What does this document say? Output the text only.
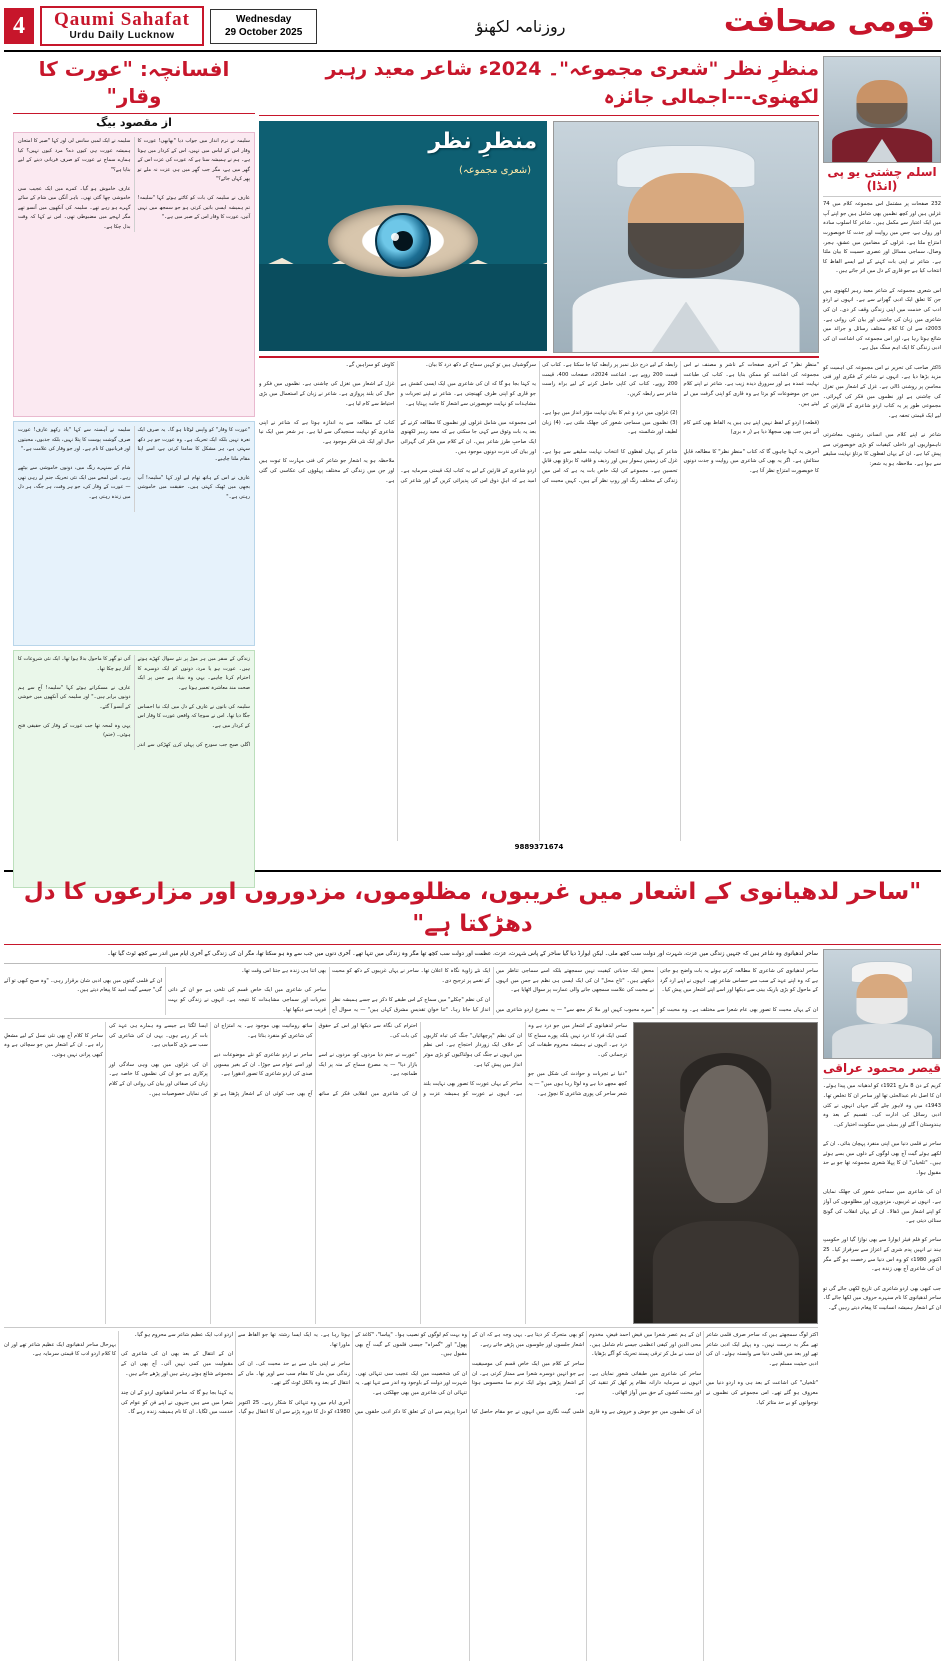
4	Qaumi Sahafat
Urdu Daily Lucknow
Wednesday
29 October 2025	روزنامہ لکھنؤ	قومی صحافت
اسلم چشتی یو پی (انڈا)
232 صفحات پر مشتمل اس مجموعہ کلام میں 74 غزلیں ہیں اور کچھ نظمیں بھی شامل ہیں جو اپنے آپ میں ایک اعتبار سے مکمل ہیں۔ شاعر کا اسلوب سادہ اور رواں ہے، جس میں روایت اور جدت کا خوبصورت امتزاج ملتا ہے۔ غزلوں کے مضامین میں عشق، ہجر، وصال، سماجی مسائل اور عصری حسیت کا بیان ملتا ہے۔ شاعر نے اپنی بات کہنے کے لیے ایسے الفاظ کا انتخاب کیا ہے جو قاری کے دل میں اتر جاتے ہیں۔

اس شعری مجموعہ کے شاعر معید رہبر لکھنوی ہیں جن کا تعلق ایک ادبی گھرانے سے ہے۔ انہوں نے اردو ادب کی خدمت میں اپنی زندگی وقف کر دی۔ ان کی شاعری میں زبان کی چاشنی اور بیان کی روانی ہے۔ 2003ء سے ان کا کلام مختلف رسائل و جرائد میں شائع ہوتا رہا ہے، اور اس مجموعہ کی اشاعت ان کی ادبی زندگی کا ایک اہم سنگ میل ہے۔

ڈاکٹر صاحب کی تحریر نے اس مجموعہ کی اہمیت کو مزید بڑھا دیا ہے۔ انہوں نے شاعر کے فکری اور فنی محاسن پر روشنی ڈالی ہے۔ غزل کے اشعار میں تغزل کی چاشنی ہے اور نظموں میں فکر کی گہرائی۔ مجموعی طور پر یہ کتاب اردو شاعری کے قارئین کے لیے ایک قیمتی تحفہ ہے۔

شاعر نے اپنے کلام میں انسانی رشتوں، معاشرتی ناہمواریوں اور داخلی کیفیات کو بڑی خوبصورتی سے پیش کیا ہے۔ ان کے یہاں لفظوں کا برتاؤ نہایت سلیقے سے ہوا ہے۔ ملاحظہ ہو یہ شعر:
منظرِ نظر "شعری مجموعہ"۔ 2024ء شاعر معید رہبر لکھنوی---اجمالی جائزہ
منظرِ نظر
(شعری مجموعہ)
"منظرِ نظر" کے آخری صفحات کے ناشر و مصنف نے اس مجموعہ کی اشاعت کو ممکن بنایا ہے۔ کتاب کی طباعت نہایت عمدہ ہے اور سرورق دیدہ زیب ہے۔ شاعر نے اپنے کلام میں جن موضوعات کو برتا ہے وہ قاری کو اپنی گرفت میں لے لیتے ہیں۔

(قطعہ) اردو کے لفظ نہیں اپنے ہی ہیں یہ الفاظ بھی کتنے کام آتے ہیں جب بھی سجھلا دیا ہے (ر ہ بری)

آخرش یہ کہنا چاہوں گا کہ کتاب "منظرِ نظر" کا مطالعہ قابلِ ستائش ہے۔ اگر یہ بھی کی شاعری میں روایت و جدت دونوں کا خوبصورت امتزاج نظر آتا ہے۔

رابطہ کے لیے درج ذیل نمبر پر رابطہ کیا جا سکتا ہے۔ کتاب کی قیمت 200 روپے ہے۔ اشاعت 2024ء، صفحات 400، قیمت 200 روپے۔ کتاب کی کاپی حاصل کرنے کے لیے براہ راست شاعر سے رابطہ کریں۔

(2) غزلوں میں درد و غم کا بیان نہایت مؤثر انداز میں ہوا ہے۔ (3) نظموں میں سماجی شعور کی جھلک ملتی ہے۔ (4) زبان لطیف اور شائستہ ہے۔

شاعر کے یہاں لفظوں کا انتخاب نہایت سلیقے سے ہوا ہے۔ غزل کی زمینیں ہموار ہیں اور ردیف و قافیہ کا برتاؤ بھی قابلِ تحسین ہے۔ مجموعے کی ایک خاص بات یہ ہے کہ اس میں زندگی کے مختلف رنگ اور روپ نظر آتے ہیں۔ کہیں محبت کی سرگوشیاں ہیں تو کہیں سماج کے دکھ درد کا بیان۔

یہ کہنا بجا ہو گا کہ ان کی شاعری میں ایک ایسی کشش ہے جو قاری کو اپنی طرف کھینچتی ہے۔ شاعر نے اپنے تجربات و مشاہدات کو نہایت خوبصورتی سے اشعار کا جامہ پہنایا ہے۔

اس مجموعہ میں شامل غزلوں اور نظموں کا مطالعہ کرنے کے بعد یہ بات وثوق سے کہی جا سکتی ہے کہ معید رہبر لکھنوی ایک صاحبِ طرز شاعر ہیں۔ ان کے کلام میں فکر کی گہرائی اور بیان کی ندرت دونوں موجود ہیں۔

اردو شاعری کے قارئین کے لیے یہ کتاب ایک قیمتی سرمایہ ہے۔ امید ہے کہ اہلِ ذوق اس کی پذیرائی کریں گے اور شاعر کی کاوش کو سراہیں گے۔

غزل کے اشعار میں تغزل کی چاشنی ہے۔ نظموں میں فکر و خیال کی بلند پروازی ہے۔ شاعر نے زبان کے استعمال میں بڑی احتیاط سے کام لیا ہے۔

کتاب کے مطالعہ سے یہ اندازہ ہوتا ہے کہ شاعر نے اپنی شاعری کو نہایت سنجیدگی سے لیا ہے۔ ہر شعر میں ایک نیا خیال اور ایک نئی فکر موجود ہے۔

ملاحظہ ہو یہ اشعار جو شاعر کی فنی مہارت کا ثبوت ہیں اور جن میں زندگی کے مختلف پہلوؤں کی عکاسی کی گئی ہے۔
9889371674
افسانچہ: "عورت کا وقار"
از مقصود بیگ
سلیمہ نے نرم انداز میں جواب دیا "بھابھی! عورت کا وقار اس کے لباس میں نہیں، اس کے کردار میں ہوتا ہے۔ ہم نے ہمیشہ سنا ہے کہ عورت کی عزت اس کے گھر میں ہے، مگر جب گھر میں ہی عزت نہ ملے تو پھر کہاں جائے؟"

عارف نے سلیمہ کی بات کو کاٹتے ہوئے کہا "سلیمہ! تم ہمیشہ ایسی باتیں کرتی ہو جو سمجھ میں نہیں آتیں، عورت کا وقار اس کے صبر میں ہے۔"

سلیمہ نے ایک لمبی سانس لی اور کہا "صبر کا امتحان ہمیشہ عورت ہی کیوں دے؟ مرد کیوں نہیں؟ کیا ہمارے سماج نے عورت کو صرف قربانی دینے کے لیے بنایا ہے؟"

عارف خاموش ہو گیا۔ کمرے میں ایک عجیب سی خاموشی چھا گئی تھی۔ باہر آنگن میں شام کے سائے گہرے ہو رہے تھے۔ سلیمہ کی آنکھوں میں آنسو تھے مگر لہجے میں مضبوطی تھی۔ اس نے کہا کہ وقت بدل چکا ہے۔
"عورت کا وقار" کو واپس لوٹانا ہو گا۔ یہ صرف ایک نعرہ نہیں بلکہ ایک تحریک ہے۔ وہ عورت جو ہر دکھ سہتی ہے، ہر مشکل کا سامنا کرتی ہے، اسے اپنا مقام ملنا چاہیے۔

عارف نے اس کے ہاتھ تھام لیے اور کہا "سلیمہ! آپ بجھی میں ٹھیک کہتی ہیں۔ حقیقت میں خاموشی رہتی ہے۔"

سلیمہ نے آہستہ سے کہا "یاد رکھو عارف! عورت صرف گوشت پوست کا پتلا نہیں، بلکہ جذبوں، محبتوں اور قربانیوں کا نام ہے۔ اور جو وقار کی علامت ہے۔"

شام کے سنہرے رنگ میں، دونوں خاموشی سے بیٹھے رہے۔ اس لمحے میں ایک نئی تحریک جنم لے رہی تھی — عورت کے وقار کی، جو ہر وقت، ہر جگہ، ہر دل میں زندہ رہتی ہے۔
زندگی کے سفر میں ہر موڑ پر نئے سوال کھڑے ہوتے ہیں۔ عورت ہو یا مرد، دونوں کو ایک دوسرے کا احترام کرنا چاہیے۔ یہی وہ بنیاد ہے جس پر ایک صحت مند معاشرہ تعمیر ہوتا ہے۔

سلیمہ کی باتوں نے عارف کے دل میں ایک نیا احساس جگا دیا تھا۔ اس نے سوچا کہ واقعی عورت کا وقار اس کے کردار میں ہے۔

اگلی صبح جب سورج کی پہلی کرن کھڑکی سے اندر آئی تو گھر کا ماحول بدلا ہوا تھا۔ ایک نئی شروعات کا آغاز ہو چکا تھا۔

عارف نے مسکراتے ہوئے کہا "سلیمہ! آج سے ہم دونوں برابر ہیں۔" اور سلیمہ کی آنکھوں میں خوشی کے آنسو آ گئے۔

یہی وہ لمحہ تھا جب عورت کے وقار کی حقیقی فتح ہوئی۔ (ختم)
"ساحر لدھیانوی کے اشعار میں غریبوں، مظلوموں، مزدوروں اور مزارعوں کا دل دھڑکتا ہے"
قیصر محمود عراقی
کریم کے دن 8 مارچ 1921ء کو لدھیانہ میں پیدا ہوئے۔ ان کا اصل نام عبدالحئی تھا اور ساحر ان کا تخلص تھا۔ 1943ء میں وہ لاہور چلے گئے جہاں انہوں نے کئی ادبی رسائل کی ادارت کی۔ تقسیم کے بعد وہ ہندوستان آ گئے اور بمبئی میں سکونت اختیار کی۔

ساحر نے فلمی دنیا میں اپنی منفرد پہچان بنائی۔ ان کے لکھے ہوئے گیت آج بھی لوگوں کے دلوں میں بسے ہوئے ہیں۔ "تلخیاں" ان کا پہلا شعری مجموعہ تھا جو بے حد مقبول ہوا۔

ان کی شاعری میں سماجی شعور کی جھلک نمایاں ہے۔ انہوں نے غریبوں، مزدوروں اور مظلوموں کی آواز کو اپنے اشعار میں ڈھالا۔ ان کے یہاں انقلاب کی گونج سنائی دیتی ہے۔

ساحر کو فلم فیئر ایوارڈ سے بھی نوازا گیا اور حکومتِ ہند نے انہیں پدم شری کے اعزاز سے سرفراز کیا۔ 25 اکتوبر 1980ء کو وہ اس دنیا سے رخصت ہو گئے مگر ان کی شاعری آج بھی زندہ ہے۔

جب کبھی بھی اردو شاعری کی تاریخ لکھی جائے گی تو ساحر لدھیانوی کا نام سنہرے حروف میں لکھا جائے گا۔ ان کے اشعار ہمیشہ انسانیت کا پیغام دیتے رہیں گے۔
ساحر لدھیانوی وہ شاعر ہیں کہ جنہیں زندگی میں عزت، شہرت اور دولت سب کچھ ملی۔ لیکن ایوارڈ دیا گیا ساحر کے پاس شہرت، عزت، عظمت اور دولت سب کچھ تھا مگر وہ زندگی میں تنہا تھے۔ آخری دنوں میں جب سے وہ ہو سکتا تھا، مگر ان کی زندگی کے آخری ایام میں اندر سے کچھ ٹوٹ گیا تھا۔
ساحر لدھیانوی کی شاعری کا مطالعہ کرتے ہوئے یہ بات واضح ہو جاتی ہے کہ وہ اپنے عہد کے سب سے حساس شاعر تھے۔ انہوں نے اپنے ارد گرد کے ماحول کو بڑی باریک بینی سے دیکھا اور اسے اپنے اشعار میں پیش کیا۔

ان کے یہاں محبت کا تصور بھی عام شعرا سے مختلف ہے۔ وہ محبت کو محض ایک جذباتی کیفیت نہیں سمجھتے بلکہ اسے سماجی تناظر میں دیکھتے ہیں۔ "تاج محل" ان کی ایک ایسی ہی نظم ہے جس میں انہوں نے محبت کی علامت سمجھی جانے والی عمارت پر سوال اٹھایا ہے۔

"میرے محبوب کہیں اور ملا کر مجھ سے" — یہ مصرع اردو شاعری میں ایک نئے زاویۂ نگاہ کا اعلان تھا۔ ساحر نے یہاں غریبوں کے دکھ کو محبت کے نغمے پر ترجیح دی۔

ان کی نظم "چکلے" میں سماج کے اس طبقے کا ذکر ہے جسے ہمیشہ نظر انداز کیا جاتا رہا۔ "ثنا خوانِ تقدیسِ مشرق کہاں ہیں" — یہ سوال آج بھی اتنا ہی زندہ ہے جتنا اس وقت تھا۔

ساحر کی شاعری میں ایک خاص قسم کی تلخی ہے جو ان کے ذاتی تجربات اور سماجی مشاہدات کا نتیجہ ہے۔ انہوں نے زندگی کو بہت قریب سے دیکھا تھا۔

ان کے فلمی گیتوں میں بھی ادبی شان برقرار رہی۔ "وہ صبح کبھی تو آئے گی" جیسے گیت امید کا پیغام دیتے ہیں۔
ساحر لدھیانوی کے اشعار میں جو درد ہے وہ کسی ایک فرد کا درد نہیں بلکہ پورے سماج کا درد ہے۔ انہوں نے ہمیشہ محروم طبقات کی ترجمانی کی۔

"دنیا نے تجربات و حوادث کی شکل میں جو کچھ مجھے دیا ہے وہ لوٹا رہا ہوں میں" — یہ شعر ساحر کی پوری شاعری کا نچوڑ ہے۔

ان کی نظم "پرچھائیاں" جنگ کی تباہ کاریوں کے خلاف ایک زوردار احتجاج ہے۔ اس نظم میں انہوں نے جنگ کی ہولناکیوں کو بڑی موثر انداز میں پیش کیا ہے۔

ساحر کے یہاں عورت کا تصور بھی نہایت بلند ہے۔ انہوں نے عورت کو ہمیشہ عزت و احترام کی نگاہ سے دیکھا اور اس کے حقوق کی بات کی۔

"عورت نے جنم دیا مردوں کو، مردوں نے اسے بازار دیا" — یہ مصرع سماج کے منہ پر ایک طمانچہ ہے۔

ان کی شاعری میں انقلابی فکر کے ساتھ ساتھ رومانیت بھی موجود ہے۔ یہ امتزاج ان کی شاعری کو منفرد بناتا ہے۔

ساحر نے اردو شاعری کو نئے موضوعات دیے اور اسے عوام سے جوڑا۔ ان کے بغیر بیسویں صدی کی اردو شاعری کا تصور ادھورا ہے۔

آج بھی جب کوئی ان کے اشعار پڑھتا ہے تو ایسا لگتا ہے جیسے وہ ہمارے ہی عہد کی بات کر رہے ہوں۔ یہی ان کی شاعری کی سب سے بڑی کامیابی ہے۔

ان کی غزلوں میں بھی وہی سادگی اور پرکاری ہے جو ان کی نظموں کا خاصہ ہے۔ زبان کی صفائی اور بیان کی روانی ان کے کلام کی نمایاں خصوصیات ہیں۔

ساحر کا کلام آج بھی نئی نسل کے لیے مشعلِ راہ ہے۔ ان کے اشعار میں جو سچائی ہے وہ کبھی پرانی نہیں ہوتی۔
اکثر لوگ سمجھتے ہیں کہ ساحر صرف فلمی شاعر تھے مگر یہ درست نہیں۔ وہ پہلے ایک ادبی شاعر تھے اور بعد میں فلمی دنیا سے وابستہ ہوئے۔ ان کی ادبی حیثیت مسلم ہے۔

"تلخیاں" کی اشاعت کے بعد ہی وہ اردو دنیا میں معروف ہو گئے تھے۔ اس مجموعے کی نظموں نے نوجوانوں کو بے حد متاثر کیا۔

ان کے ہم عصر شعرا میں فیض احمد فیض، مخدوم محی الدین اور کیفی اعظمی جیسے نام شامل ہیں۔ ان سب نے مل کر ترقی پسند تحریک کو آگے بڑھایا۔

ساحر کی شاعری میں طبقاتی شعور نمایاں ہے۔ انہوں نے سرمایہ دارانہ نظام پر کھل کر تنقید کی اور محنت کشوں کے حق میں آواز اٹھائی۔

ان کی نظموں میں جو جوش و خروش ہے وہ قاری کو بھی متحرک کر دیتا ہے۔ یہی وجہ ہے کہ ان کے اشعار جلسوں اور جلوسوں میں پڑھے جاتے رہے۔

ساحر کے کلام میں ایک خاص قسم کی موسیقیت ہے جو انہیں دوسرے شعرا سے ممتاز کرتی ہے۔ ان کے اشعار پڑھتے ہوئے ایک ترنم سا محسوس ہوتا ہے۔

فلمی گیت نگاری میں انہوں نے جو مقام حاصل کیا وہ بہت کم لوگوں کو نصیب ہوا۔ "پیاسا"، "کاغذ کے پھول" اور "گمراہ" جیسی فلموں کے گیت آج بھی مقبول ہیں۔

ان کی شخصیت میں ایک عجیب سی تنہائی تھی۔ شہرت اور دولت کے باوجود وہ اندر سے تنہا تھے۔ یہ تنہائی ان کی شاعری میں بھی جھلکتی ہے۔

امرتا پریتم سے ان کے تعلق کا ذکر ادبی حلقوں میں ہوتا رہا ہے۔ یہ ایک ایسا رشتہ تھا جو الفاظ سے ماورا تھا۔

ساحر نے اپنی ماں سے بے حد محبت کی۔ ان کی زندگی میں ماں کا مقام سب سے اوپر تھا۔ ماں کے انتقال کے بعد وہ بالکل ٹوٹ گئے تھے۔

آخری ایام میں وہ تنہائی کا شکار رہے۔ 25 اکتوبر 1980ء کو دل کا دورہ پڑنے سے ان کا انتقال ہو گیا۔ اردو ادب ایک عظیم شاعر سے محروم ہو گیا۔

ان کے انتقال کے بعد بھی ان کی شاعری کی مقبولیت میں کمی نہیں آئی۔ آج بھی ان کے مجموعے شائع ہوتے رہتے ہیں اور پڑھے جاتے ہیں۔

یہ کہنا بجا ہو گا کہ ساحر لدھیانوی اردو کے ان چند شعرا میں سے ہیں جنہوں نے اپنے فن کو عوام کی خدمت میں لگایا۔ ان کا نام ہمیشہ زندہ رہے گا۔

بہرحال ساحر لدھیانوی ایک عظیم شاعر تھے اور ان کا کلام اردو ادب کا قیمتی سرمایہ ہے۔
